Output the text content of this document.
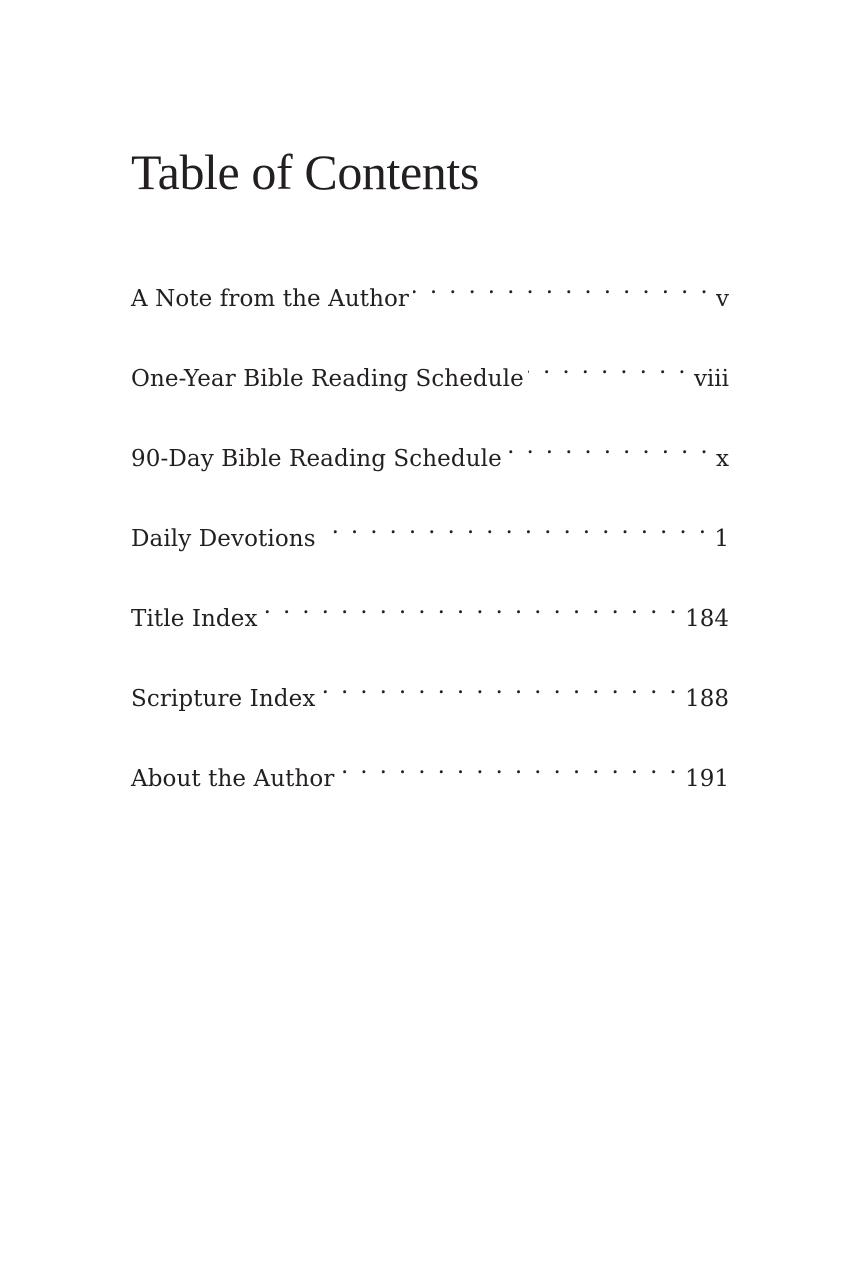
Table of Contents
A Note from the Author . . .	v
One-Year Bible Reading Schedule . . .	viii
90-Day Bible Reading Schedule . . .	x
Daily Devotions . . .	1
Title Index . . .	184
Scripture Index . . .	188
About the Author . . .	191
